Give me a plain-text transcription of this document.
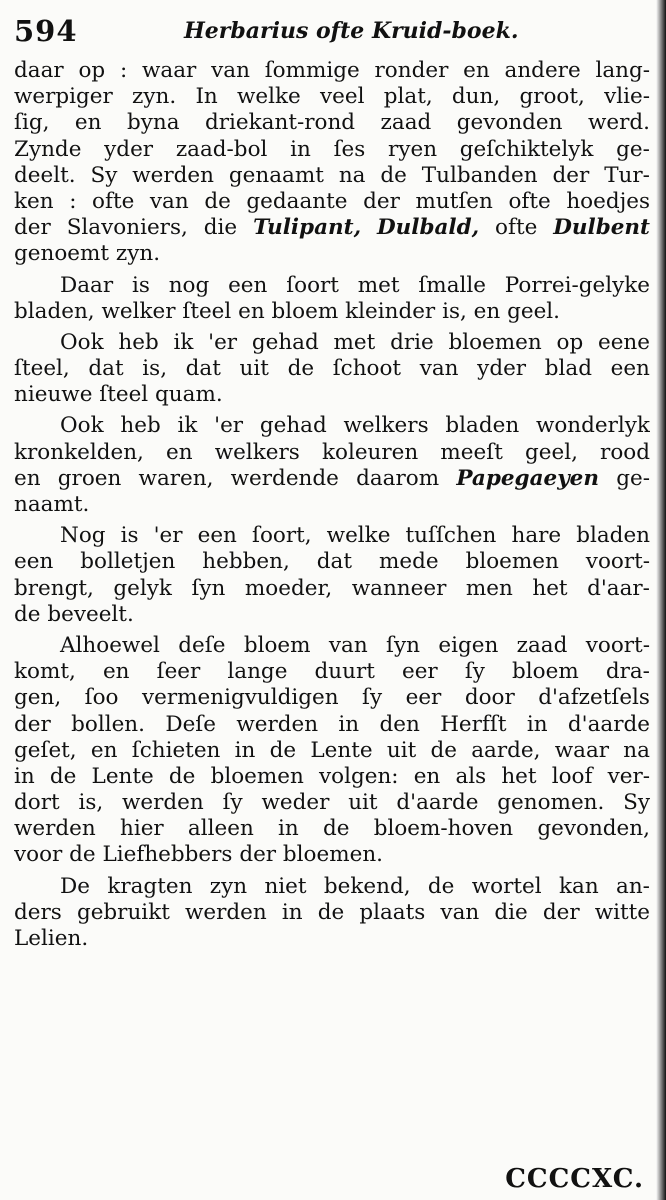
594	Herbarius ofte Kruid-boek.
daar op : waar van ſommige ronder en andere lang-
werpiger zyn. In welke veel plat, dun, groot, vlie-
ſig, en byna driekant-rond zaad gevonden werd.
Zynde yder zaad-bol in ſes ryen geſchiktelyk ge-
deelt. Sy werden genaamt na de Tulbanden der Tur-
ken : ofte van de gedaante der mutſen ofte hoedjes
der Slavoniers, die Tulipant, Dulbald, ofte Dulbent
genoemt zyn.
Daar is nog een ſoort met ſmalle Porrei-gelyke
bladen, welker ſteel en bloem kleinder is, en geel.
Ook heb ik 'er gehad met drie bloemen op eene
ſteel, dat is, dat uit de ſchoot van yder blad een
nieuwe ſteel quam.
Ook heb ik 'er gehad welkers bladen wonderlyk
kronkelden, en welkers koleuren meeſt geel, rood
en groen waren, werdende daarom Papegaeyen ge-
naamt.
Nog is 'er een ſoort, welke tuſſchen hare bladen
een bolletjen hebben, dat mede bloemen voort-
brengt, gelyk ſyn moeder, wanneer men het d'aar-
de beveelt.
Alhoewel deſe bloem van ſyn eigen zaad voort-
komt, en ſeer lange duurt eer ſy bloem dra-
gen, ſoo vermenigvuldigen ſy eer door d'afzetſels
der bollen. Deſe werden in den Herfſt in d'aarde
geſet, en ſchieten in de Lente uit de aarde, waar na
in de Lente de bloemen volgen: en als het loof ver-
dort is, werden ſy weder uit d'aarde genomen. Sy
werden hier alleen in de bloem-hoven gevonden,
voor de Liefhebbers der bloemen.
De kragten zyn niet bekend, de wortel kan an-
ders gebruikt werden in de plaats van die der witte
Lelien.
CCCCXC.
